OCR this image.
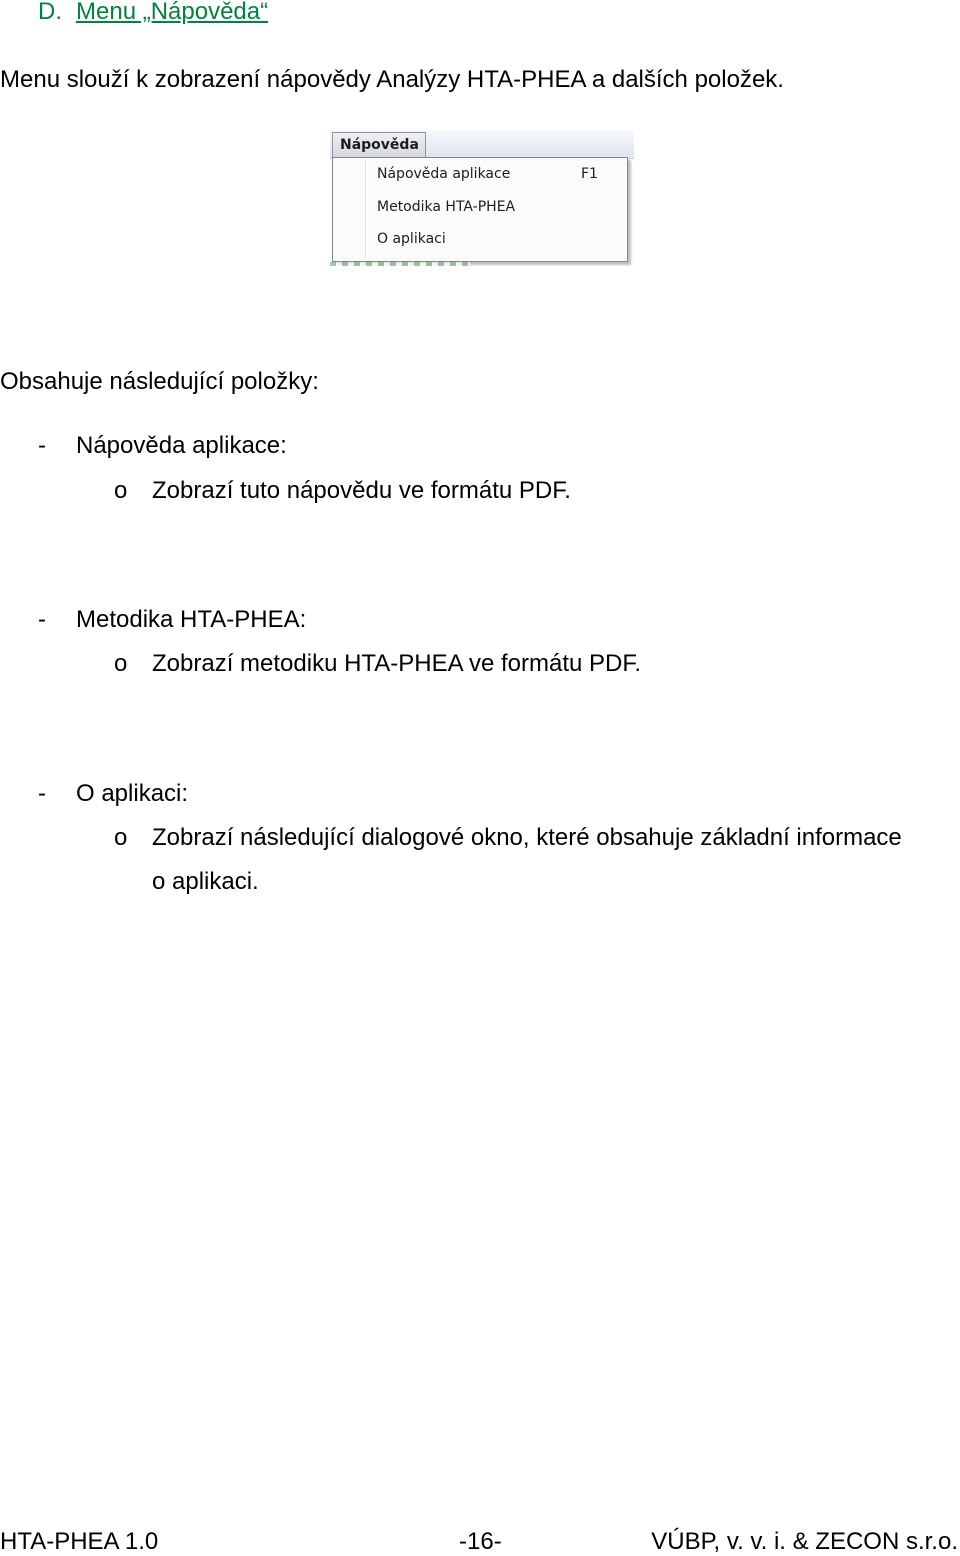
D. Menu „Nápověda“
Menu slouží k zobrazení nápovědy Analýzy HTA-PHEA a dalších položek.
Nápověda
Nápověda aplikace	F1
Metodika HTA-PHEA
O aplikaci
Obsahuje následující položky:
- Nápověda aplikace:
o Zobrazí tuto nápovědu ve formátu PDF.
- Metodika HTA-PHEA:
o Zobrazí metodiku HTA-PHEA ve formátu PDF.
- O aplikaci:
o Zobrazí následující dialogové okno, které obsahuje základní informace
o aplikaci.
HTA-PHEA 1.0	-16-	VÚBP, v. v. i. & ZECON s.r.o.
